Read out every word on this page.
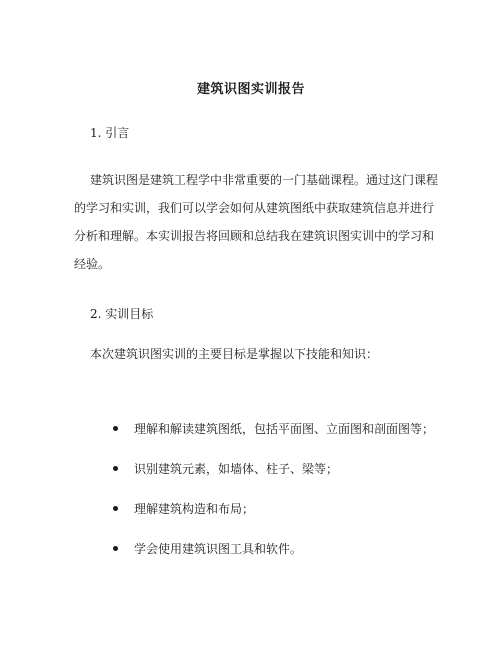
建筑识图实训报告
1. 引言
建筑识图是建筑工程学中非常重要的一门基础课程。通过这门课程
的学习和实训，我们可以学会如何从建筑图纸中获取建筑信息并进行
分析和理解。本实训报告将回顾和总结我在建筑识图实训中的学习和
经验。
2. 实训目标
本次建筑识图实训的主要目标是掌握以下技能和知识：
理解和解读建筑图纸，包括平面图、立面图和剖面图等；
识别建筑元素，如墙体、柱子、梁等；
理解建筑构造和布局；
学会使用建筑识图工具和软件。
